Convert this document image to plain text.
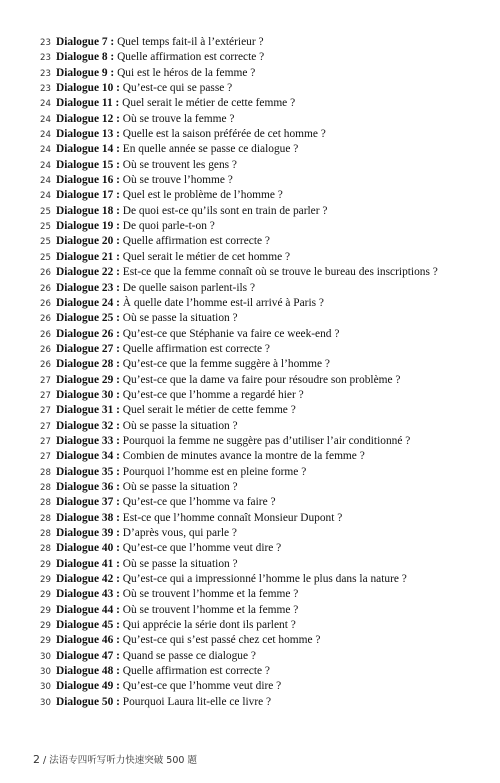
23 Dialogue 7 : Quel temps fait-il à l’extérieur ?
23 Dialogue 8 : Quelle affirmation est correcte ?
23 Dialogue 9 : Qui est le héros de la femme ?
23 Dialogue 10 : Qu’est-ce qui se passe ?
24 Dialogue 11 : Quel serait le métier de cette femme ?
24 Dialogue 12 : Où se trouve la femme ?
24 Dialogue 13 : Quelle est la saison préférée de cet homme ?
24 Dialogue 14 : En quelle année se passe ce dialogue ?
24 Dialogue 15 : Où se trouvent les gens ?
24 Dialogue 16 : Où se trouve l’homme ?
24 Dialogue 17 : Quel est le problème de l’homme ?
25 Dialogue 18 : De quoi est-ce qu’ils sont en train de parler ?
25 Dialogue 19 : De quoi parle-t-on ?
25 Dialogue 20 : Quelle affirmation est correcte ?
25 Dialogue 21 : Quel serait le métier de cet homme ?
26 Dialogue 22 : Est-ce que la femme connaît où se trouve le bureau des inscriptions ?
26 Dialogue 23 : De quelle saison parlent-ils ?
26 Dialogue 24 : À quelle date l’homme est-il arrivé à Paris ?
26 Dialogue 25 : Où se passe la situation ?
26 Dialogue 26 : Qu’est-ce que Stéphanie va faire ce week-end ?
26 Dialogue 27 : Quelle affirmation est correcte ?
26 Dialogue 28 : Qu’est-ce que la femme suggère à l’homme ?
27 Dialogue 29 : Qu’est-ce que la dame va faire pour résoudre son problème ?
27 Dialogue 30 : Qu’est-ce que l’homme a regardé hier ?
27 Dialogue 31 : Quel serait le métier de cette femme ?
27 Dialogue 32 : Où se passe la situation ?
27 Dialogue 33 : Pourquoi la femme ne suggère pas d’utiliser l’air conditionné ?
27 Dialogue 34 : Combien de minutes avance la montre de la femme ?
28 Dialogue 35 : Pourquoi l’homme est en pleine forme ?
28 Dialogue 36 : Où se passe la situation ?
28 Dialogue 37 : Qu’est-ce que l’homme va faire ?
28 Dialogue 38 : Est-ce que l’homme connaît Monsieur Dupont ?
28 Dialogue 39 : D’après vous, qui parle ?
28 Dialogue 40 : Qu’est-ce que l’homme veut dire ?
29 Dialogue 41 : Où se passe la situation ?
29 Dialogue 42 : Qu’est-ce qui a impressionné l’homme le plus dans la nature ?
29 Dialogue 43 : Où se trouvent l’homme et la femme ?
29 Dialogue 44 : Où se trouvent l’homme et la femme ?
29 Dialogue 45 : Qui apprécie la série dont ils parlent ?
29 Dialogue 46 : Qu’est-ce qui s’est passé chez cet homme ?
30 Dialogue 47 : Quand se passe ce dialogue ?
30 Dialogue 48 : Quelle affirmation est correcte ?
30 Dialogue 49 : Qu’est-ce que l’homme veut dire ?
30 Dialogue 50 : Pourquoi Laura lit-elle ce livre ?
2 / 法语专四听写听力快速突破 500 题
